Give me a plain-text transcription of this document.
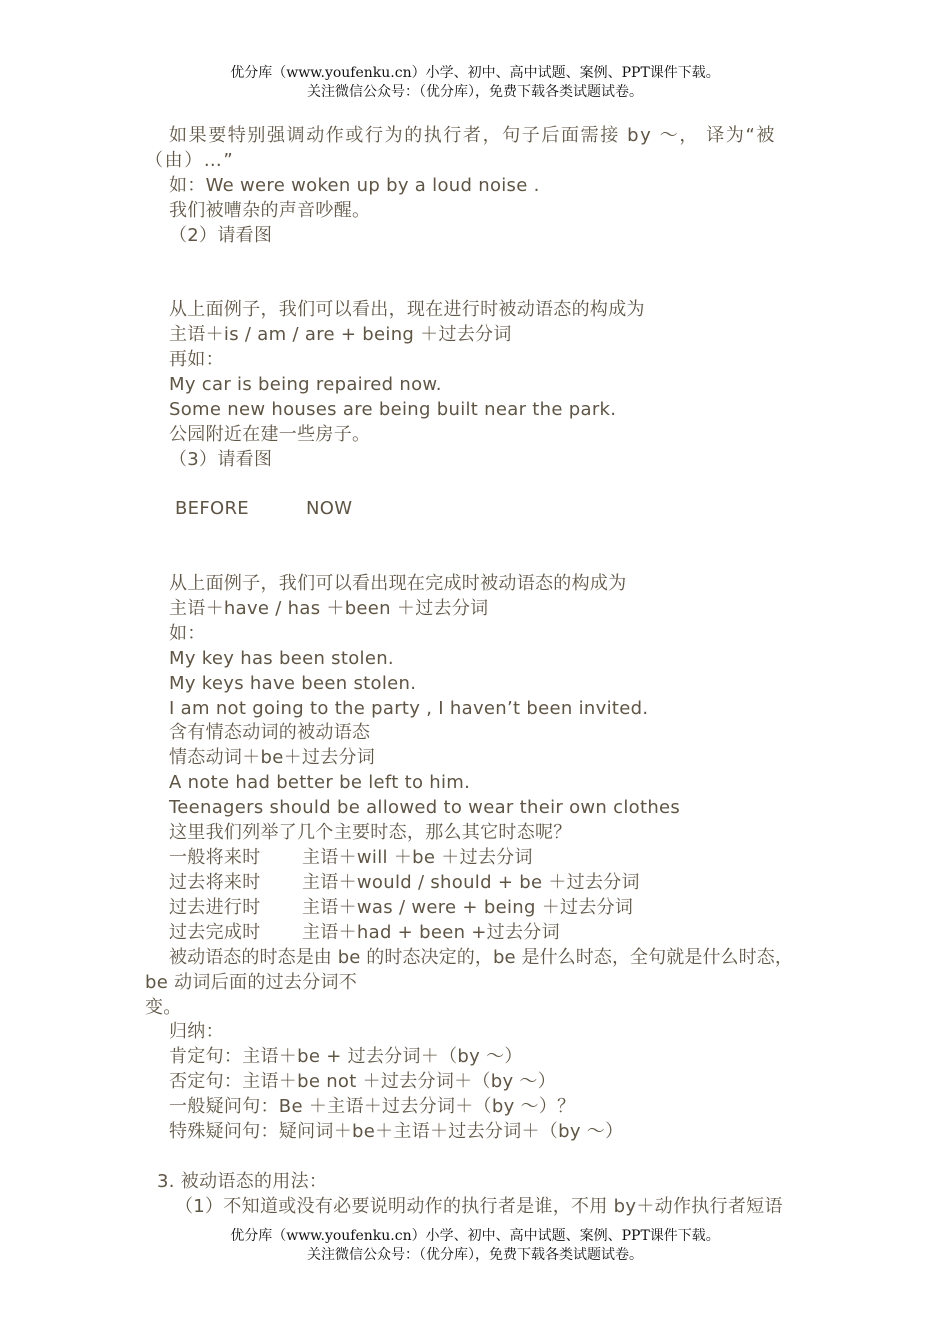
优分库（www.youfenku.cn）小学、初中、高中试题、案例、PPT课件下载。
关注微信公众号：（优分库），免费下载各类试题试卷。
如果要特别强调动作或行为的执行者，句子后面需接 by ～， 译为“被
（由）…”
如：We were woken up by a loud noise .
我们被嘈杂的声音吵醒。
（2）请看图
从上面例子，我们可以看出，现在进行时被动语态的构成为
主语＋is / am / are + being ＋过去分词
再如：
My car is being repaired now.
Some new houses are being built near the park.
公园附近在建一些房子。
（3）请看图
BEFORE	NOW
从上面例子，我们可以看出现在完成时被动语态的构成为
主语＋have / has ＋been ＋过去分词
如：
My key has been stolen.
My keys have been stolen.
I am not going to the party , I haven’t been invited.
含有情态动词的被动语态
情态动词＋be＋过去分词
A note had better be left to him.
Teenagers should be allowed to wear their own clothes
这里我们列举了几个主要时态，那么其它时态呢？
一般将来时 主语＋will ＋be ＋过去分词
过去将来时 主语＋would / should + be ＋过去分词
过去进行时 主语＋was / were + being ＋过去分词
过去完成时 主语＋had + been +过去分词
被动语态的时态是由 be 的时态决定的，be 是什么时态，全句就是什么时态，
be 动词后面的过去分词不
变。
归纳：
肯定句：主语＋be + 过去分词＋（by ～）
否定句：主语＋be not ＋过去分词＋（by ～）
一般疑问句：Be ＋主语＋过去分词＋（by ～）？
特殊疑问句：疑问词＋be＋主语＋过去分词＋（by ～）
3. 被动语态的用法：
（1）不知道或没有必要说明动作的执行者是谁，不用 by＋动作执行者短语
优分库（www.youfenku.cn）小学、初中、高中试题、案例、PPT课件下载。
关注微信公众号：（优分库），免费下载各类试题试卷。
